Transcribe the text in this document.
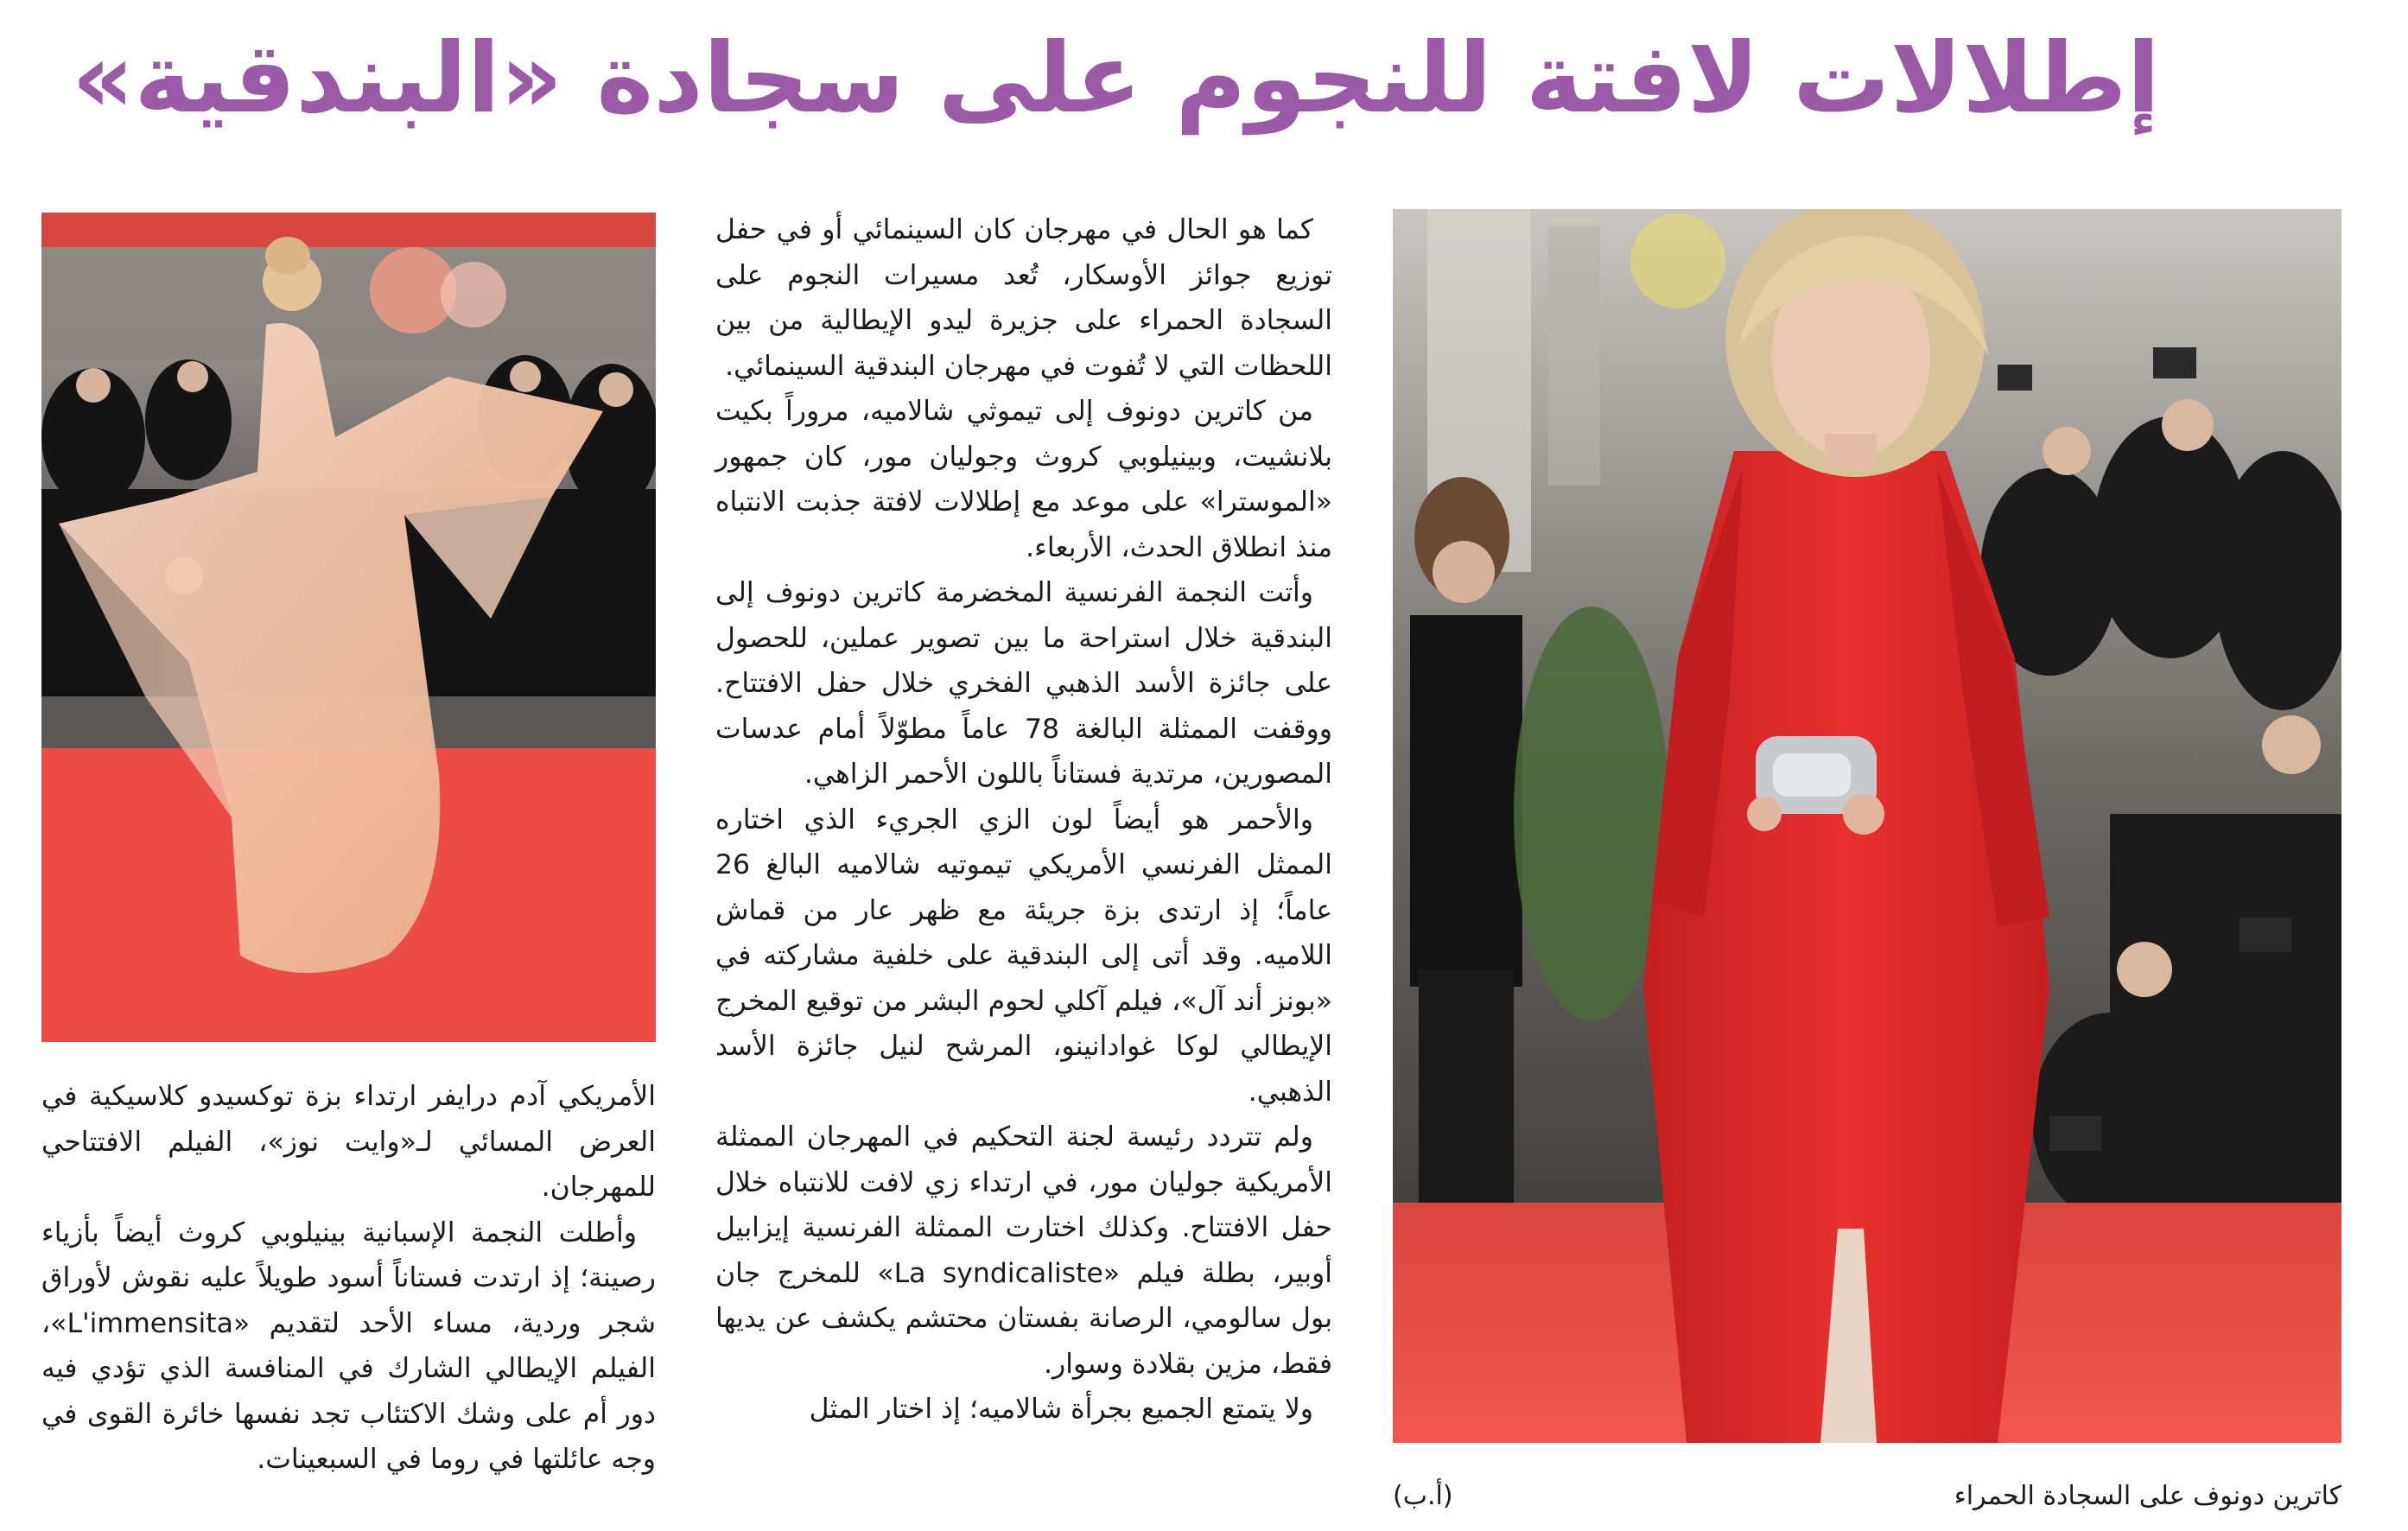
إطلالات لافتة للنجوم على سجادة «البندقية»

كما هو الحال في مهرجان كان السينمائي أو في حفل توزيع جوائز الأوسكار، تُعد مسيرات النجوم على السجادة الحمراء على جزيرة ليدو الإيطالية من بين اللحظات التي لا تُفوت في مهرجان البندقية السينمائي.

من كاترين دونوف إلى تيموثي شالاميه، مروراً بكيت بلانشيت، وبينيلوبي كروث وجوليان مور، كان جمهور «الموسترا» على موعد مع إطلالات لافتة جذبت الانتباه منذ انطلاق الحدث، الأربعاء.

وأتت النجمة الفرنسية المخضرمة كاترين دونوف إلى البندقية خلال استراحة ما بين تصوير عملين، للحصول على جائزة الأسد الذهبي الفخري خلال حفل الافتتاح. ووقفت الممثلة البالغة 78 عاماً مطوّلاً أمام عدسات المصورين، مرتدية فستاناً باللون الأحمر الزاهي.

والأحمر هو أيضاً لون الزي الجريء الذي اختاره الممثل الفرنسي الأمريكي تيموتيه شالاميه البالغ 26 عاماً؛ إذ ارتدى بزة جريئة مع ظهر عار من قماش اللاميه. وقد أتى إلى البندقية على خلفية مشاركته في «بونز أند آل»، فيلم آكلي لحوم البشر من توقيع المخرج الإيطالي لوكا غوادانينو، المرشح لنيل جائزة الأسد الذهبي.

ولم تتردد رئيسة لجنة التحكيم في المهرجان الممثلة الأمريكية جوليان مور، في ارتداء زي لافت للانتباه خلال حفل الافتتاح. وكذلك اختارت الممثلة الفرنسية إيزابيل أوبير، بطلة فيلم «La syndicaliste» للمخرج جان بول سالومي، الرصانة بفستان محتشم يكشف عن يديها فقط، مزين بقلادة وسوار.

ولا يتمتع الجميع بجرأة شالاميه؛ إذ اختار المثل

الأمريكي آدم درايفر ارتداء بزة توكسيدو كلاسيكية في العرض المسائي لـ«وايت نوز»، الفيلم الافتتاحي للمهرجان.

وأطلت النجمة الإسبانية بينيلوبي كروث أيضاً بأزياء رصينة؛ إذ ارتدت فستاناً أسود طويلاً عليه نقوش لأوراق شجر وردية، مساء الأحد لتقديم «L'immensita»، الفيلم الإيطالي الشارك في المنافسة الذي تؤدي فيه دور أم على وشك الاكتئاب تجد نفسها خائرة القوى في وجه عائلتها في روما في السبعينات.

كاترين دونوف على السجادة الحمراء
(أ.ب)
